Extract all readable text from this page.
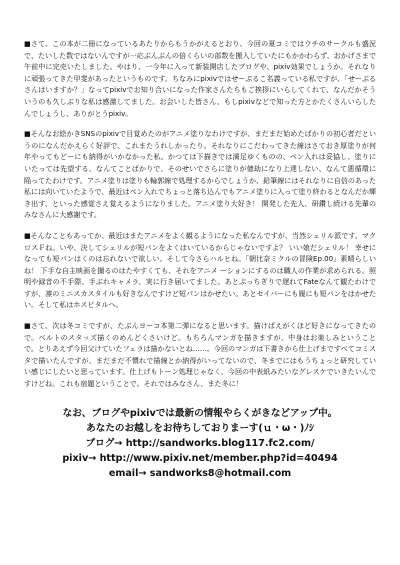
■さて、この本が二冊になっているあたりからもうかがえるとおり、今回の夏コミではウチのサークルも盛況で、たいした数ではないんですが一応ぶんぶんの倍くらいの部数を搬入していたにもかかわらず、おかげさまで午前中に完売いたしました。やはり、一今年に入って新装開店したブログや、pixiv効果でしょうか。それなりに頑張ってきた甲斐があったというものです。ちなみにpixivではせーぶるこ名義っている私ですが、「せーぶるさんはいますか？」なってpixivでお知り合いになった作家さんたちもご挨拶にいらしてくれて、なんだかそういうのも久しぶりな私は感激してました。お会いした皆さん、もしpixivなどで知った方とかたくさんいらしたんでしょうし、ありがとうpixiv。

■そんなお絵かきSNSのpixivで目覚めたのがアニメ塗りなわけですが、まだまだ始めたばかりの初心者だというのになんだかえらく好評で、これまたうれしかったり。それなりにこだわってきた線はさておき厚塗りが何年やってもどーにも納得がいかなかった私。かつては下描きでは満足ゆくものの、ペン入れは妥協し、塗りにいたっては先望する、なんてことばかりで、そのせいでさらに塗りが億劫になり上達しない、なんて悪循環に陥ってたわけです。アニメ塗りは塗りも輪郭線で処理するからでしょうか、鉛筆線にはそれなりに自信のあった私には向いていたようで、最近はペン入れでちょっと落ち込んでもアニメ塗りに入って塗り終わるとなんだか輝き出す、といった感覚さえ覚えるようになりました。アニメ塗り大好き！ 開発した先人、研鑽し続ける先輩のみなさんに大感謝です。

■そんなこともあってか、最近はまたアニメをよく観るようになった私なんですが、当然シェリル派です。マクロスＦね。いや、決してシェリルが短パンをよくはいているからじゃないですよ？ いい娘だシェリル！ 幸せになっても短パンはくのは忘れないで欲しい。そして今さらハルヒね。「朝比奈ミクルの冒険Ep.00」素晴らしいね！ 下手な自主映画を撮るのはたやすくても、それをアニメ ーションにするのは職人の作業が求められる。照明や録音の不手際、手ぶれキャメラ、実に行き届いてました。あとぷっちぎりで遅れてFateなんて観たわけですが、凛のミニスカスタイルも好きなんですけど短パンはかせたい。あとセイバーにも履にも短パンをはかせたい。そして私はホスピタルへ。

■さて、次は冬コミですが、たぶんヨーコ本第二弾になると思います。描けばえがくほど好きになってきたので。ベルトのスタッズ描くのめんどくさいけど。もちろんマンガを描きますが、中身はお楽しみということで。とりあえず今回父けていたフェラは描かないとね……。今回のマンガは下書きから仕上げまですべてコミスタで描いたんですが、まだまだ不慣れで描線とか納得がいってないので、冬までにはもうちょっと研究していい感じにしたいと思っています。仕上げもトーン処理じゃなく、今回の中表紙みたいなグレスケでいきたいんですけどね。これも宿題ということで。それではみなさん、また冬に！

なお、ブログやpixivでは最新の情報やらくがきなどアップ中。
あなたのお越しをお待ちしておりまーす(ｕ・ω・)ﾉｼ
ブログ→ http://sandworks.blog117.fc2.com/
pixiv→ http://www.pixiv.net/member.php?id=40494
email→ sandworks8@hotmail.com
